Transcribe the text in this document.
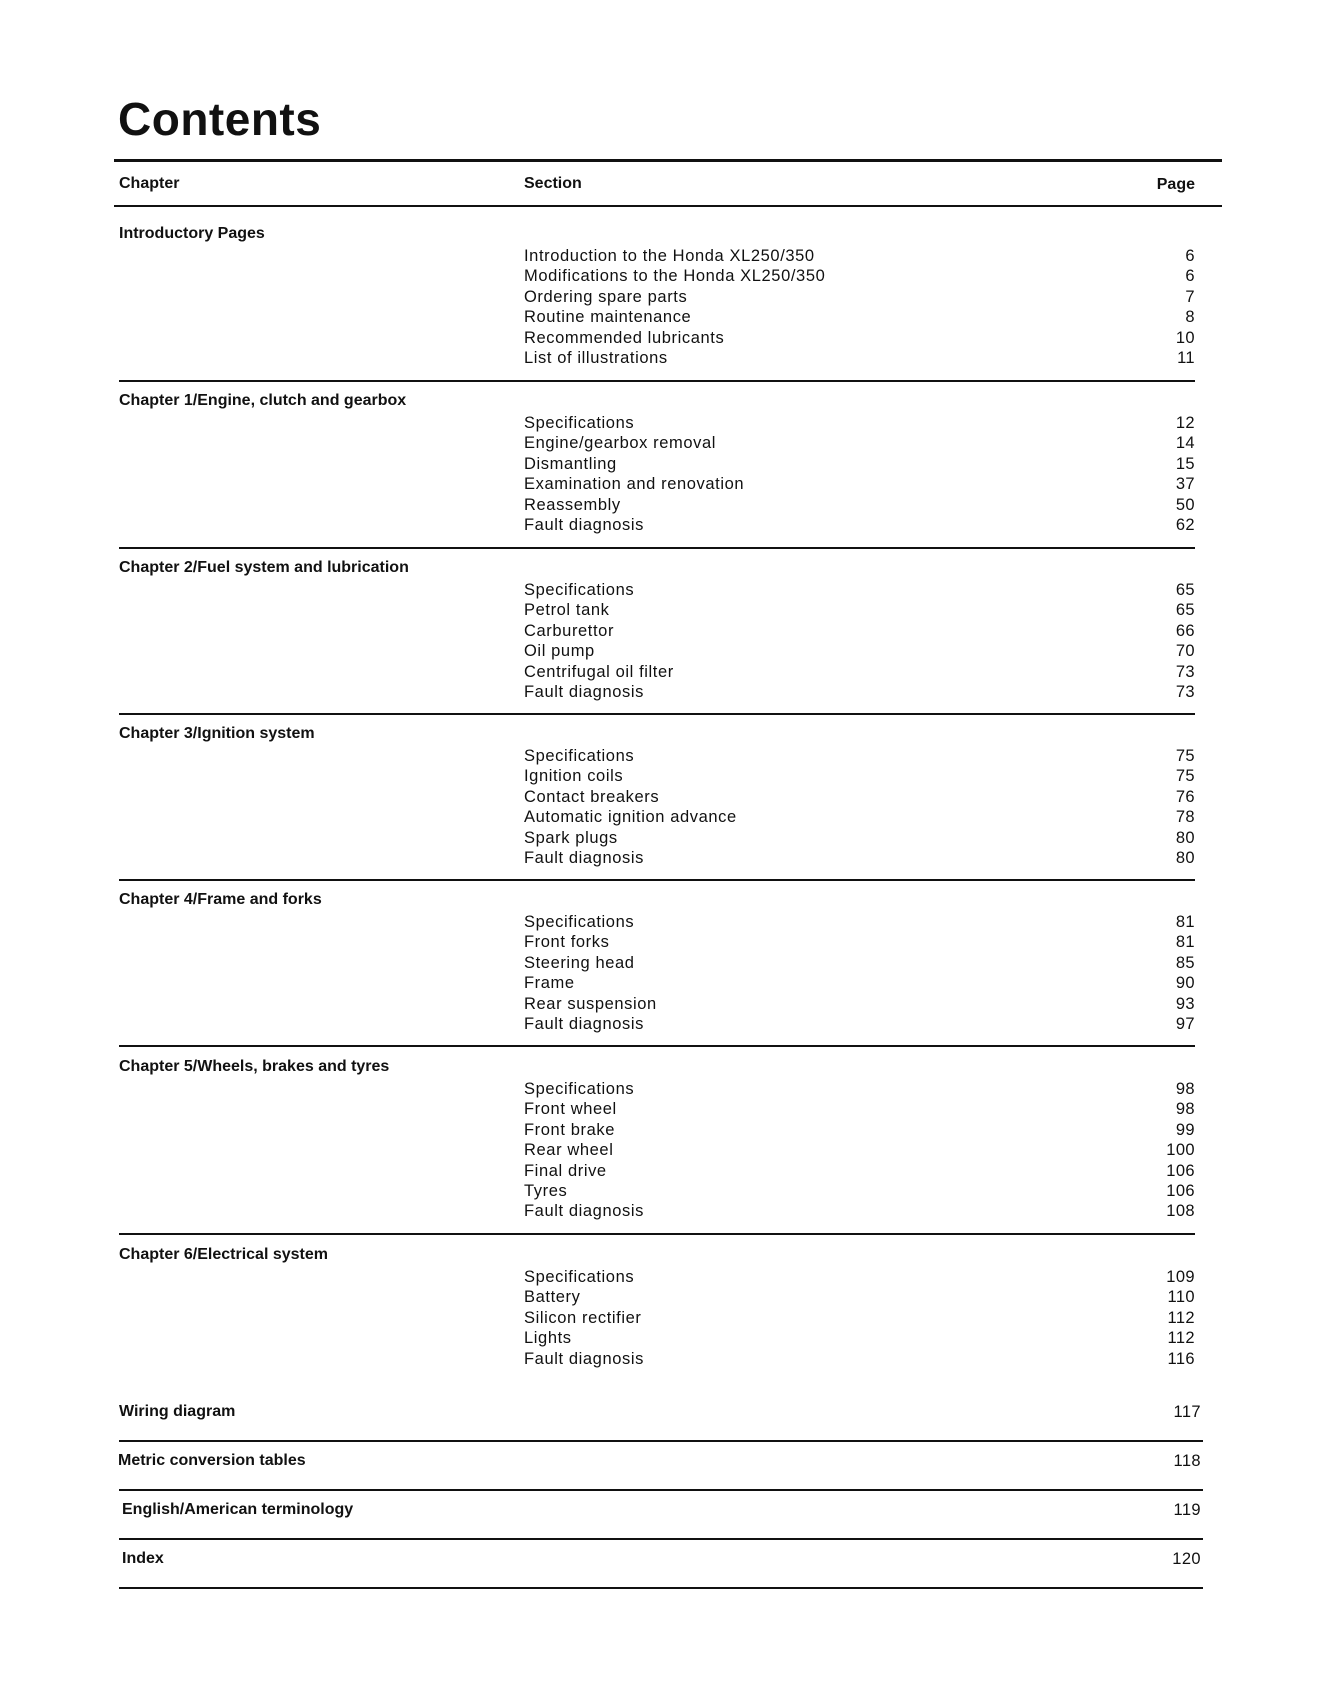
Contents
Chapter	Section	Page
Introductory Pages
Introduction to the Honda XL250/350	6
Modifications to the Honda XL250/350	6
Ordering spare parts	7
Routine maintenance	8
Recommended lubricants	10
List of illustrations	11
Chapter 1/Engine, clutch and gearbox
Specifications	12
Engine/gearbox removal	14
Dismantling	15
Examination and renovation	37
Reassembly	50
Fault diagnosis	62
Chapter 2/Fuel system and lubrication
Specifications	65
Petrol tank	65
Carburettor	66
Oil pump	70
Centrifugal oil filter	73
Fault diagnosis	73
Chapter 3/Ignition system
Specifications	75
Ignition coils	75
Contact breakers	76
Automatic ignition advance	78
Spark plugs	80
Fault diagnosis	80
Chapter 4/Frame and forks
Specifications	81
Front forks	81
Steering head	85
Frame	90
Rear suspension	93
Fault diagnosis	97
Chapter 5/Wheels, brakes and tyres
Specifications	98
Front wheel	98
Front brake	99
Rear wheel	100
Final drive	106
Tyres	106
Fault diagnosis	108
Chapter 6/Electrical system
Specifications	109
Battery	110
Silicon rectifier	112
Lights	112
Fault diagnosis	116
Wiring diagram	117
Metric conversion tables	118
English/American terminology	119
Index	120
